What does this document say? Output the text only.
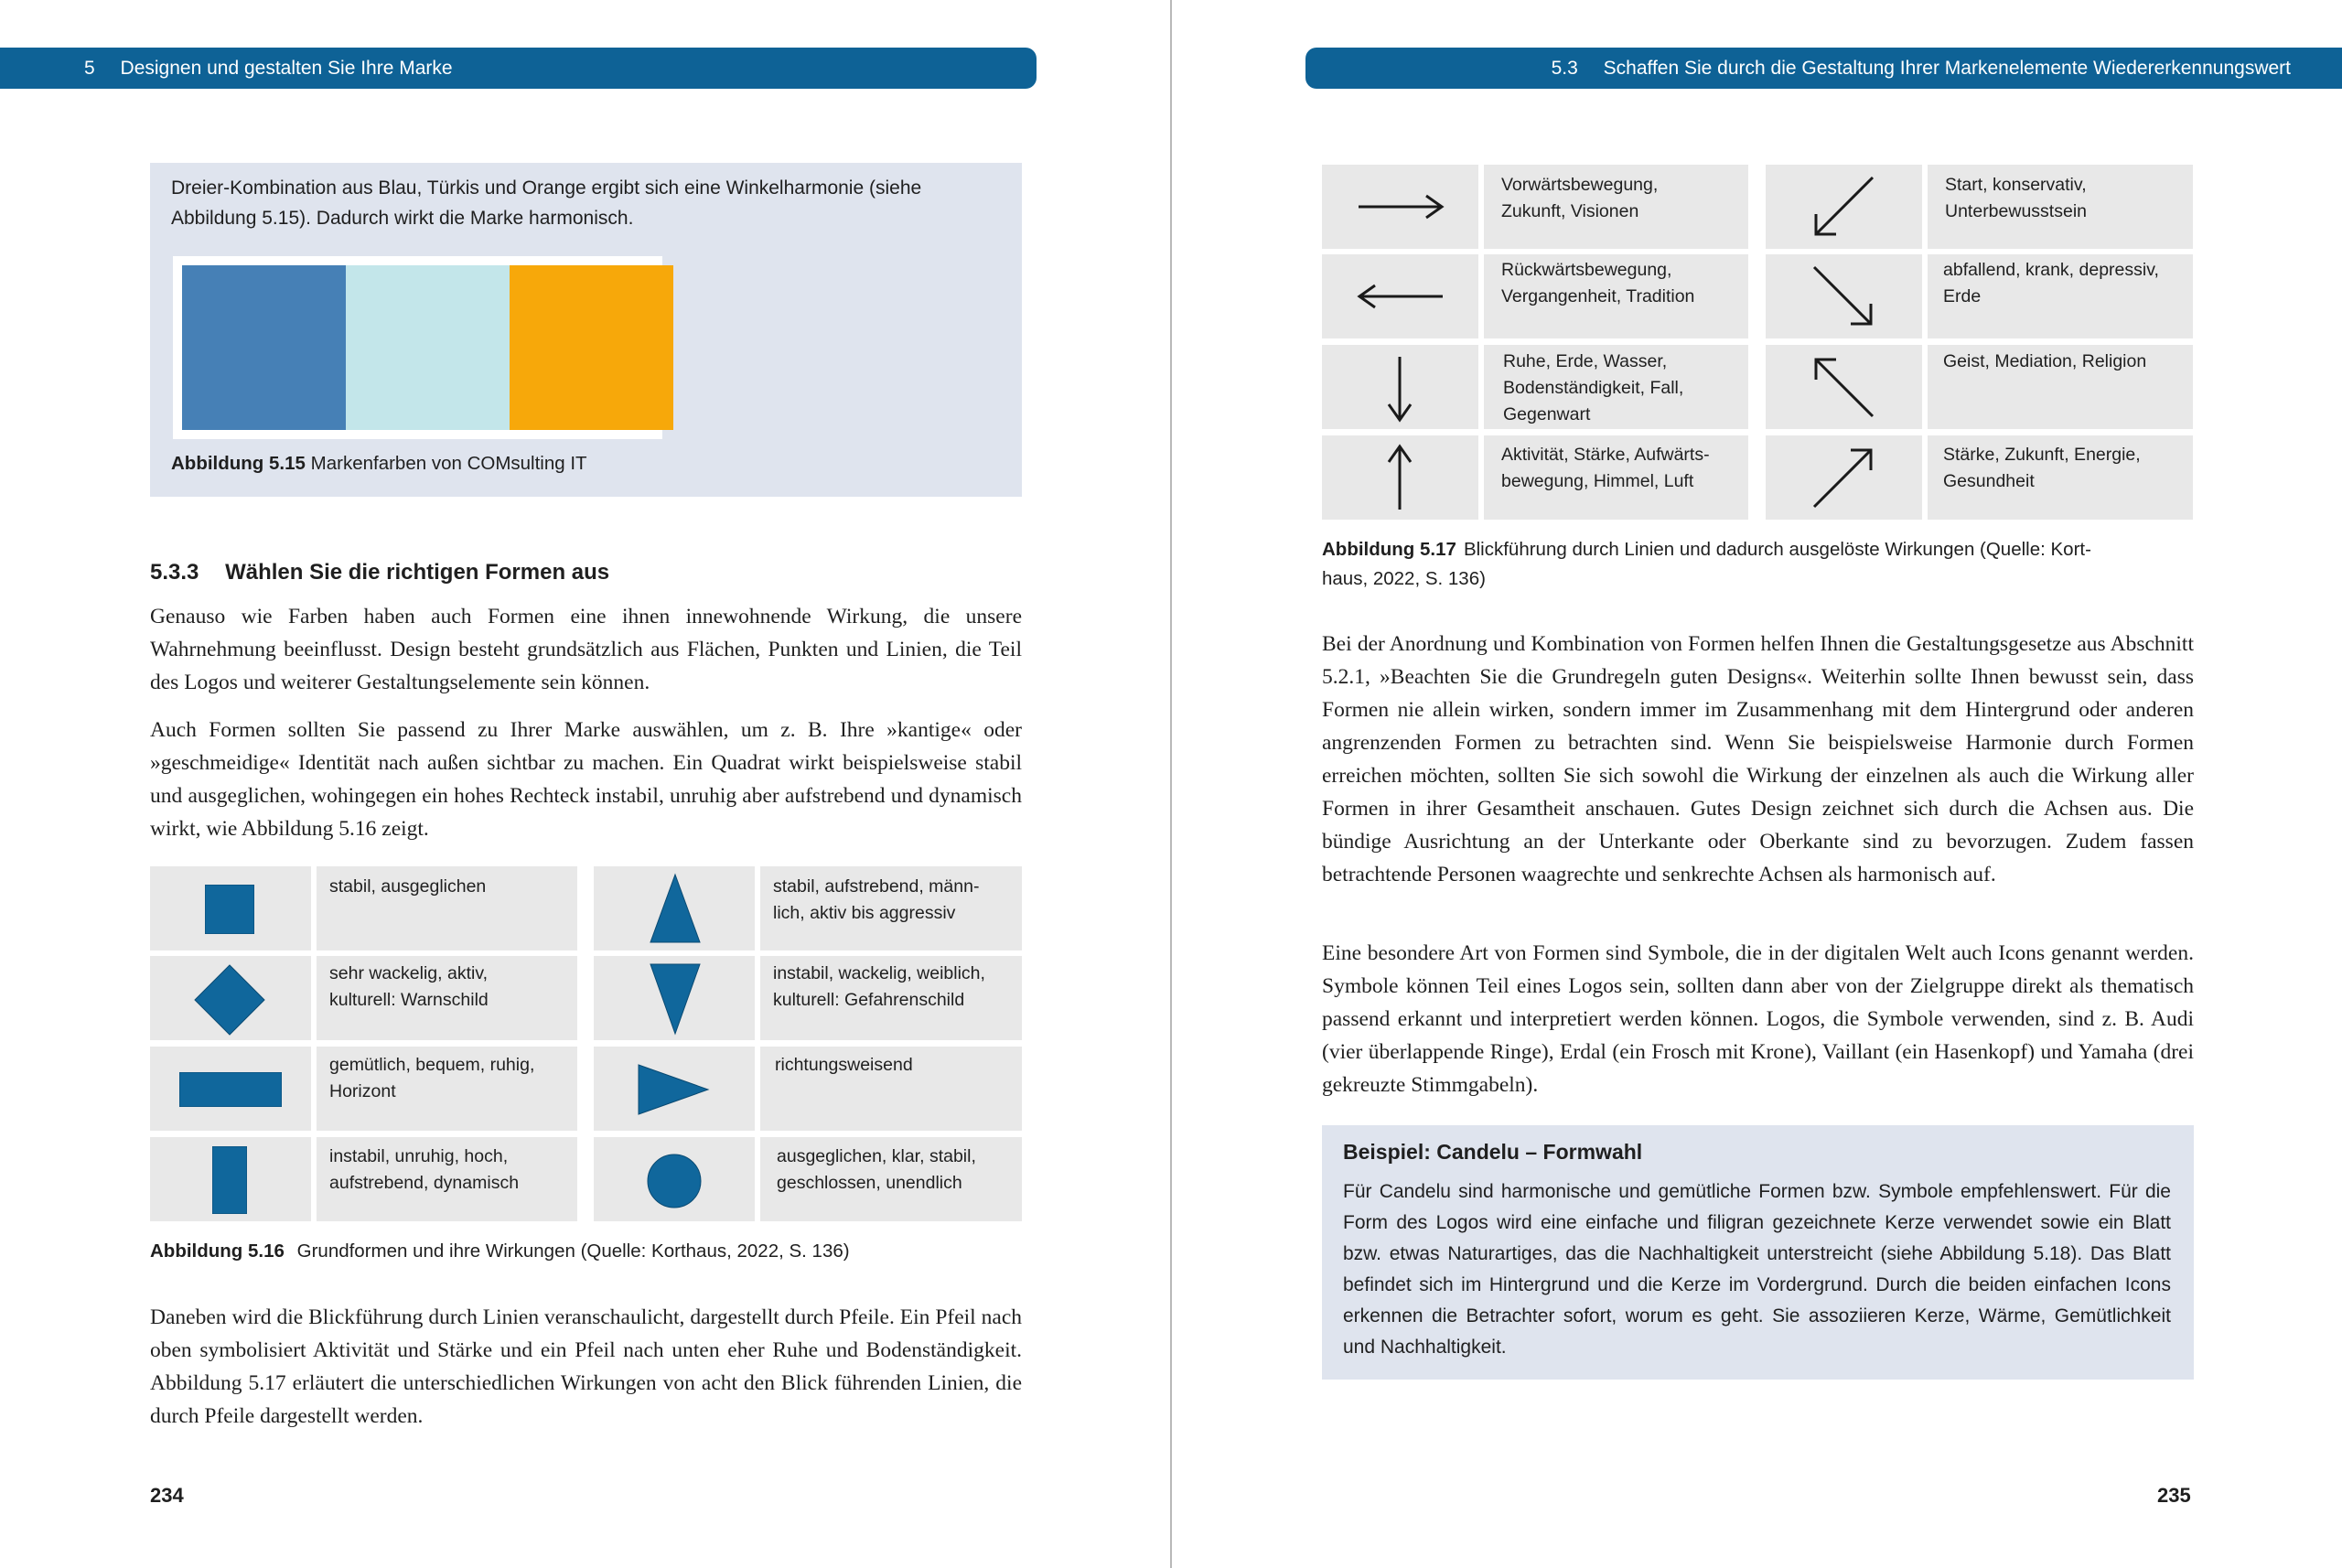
5 Designen und gestalten Sie Ihre Marke

Dreier-Kombination aus Blau, Türkis und Orange ergibt sich eine Winkelharmonie (siehe

Abbildung 5.15). Dadurch wirkt die Marke harmonisch.

Abbildung 5.15 Markenfarben von COMsulting IT

5.3.3 Wählen Sie die richtigen Formen aus

Genauso wie Farben haben auch Formen eine ihnen innewohnende Wirkung, die unsere Wahrnehmung beeinflusst. Design besteht grundsätzlich aus Flächen, Punkten und Linien, die Teil des Logos und weiterer Gestaltungselemente sein können.

Auch Formen sollten Sie passend zu Ihrer Marke auswählen, um z. B. Ihre »kantige« oder »geschmeidige« Identität nach außen sichtbar zu machen. Ein Quadrat wirkt beispielsweise stabil und ausgeglichen, wohingegen ein hohes Rechteck instabil, unruhig aber aufstrebend und dynamisch wirkt, wie Abbildung 5.16 zeigt.

stabil, ausgeglichen	stabil, aufstrebend, männ-
lich, aktiv bis aggressiv

sehr wackelig, aktiv,
kulturell: Warnschild

instabil, wackelig, weiblich,
kulturell: Gefahrenschild

gemütlich, bequem, ruhig,
Horizont

richtungsweisend

instabil, unruhig, hoch,
aufstrebend, dynamisch

ausgeglichen, klar, stabil,
geschlossen, unendlich

Abbildung 5.16 Grundformen und ihre Wirkungen (Quelle: Korthaus, 2022, S. 136)

Daneben wird die Blickführung durch Linien veranschaulicht, dargestellt durch Pfeile. Ein Pfeil nach oben symbolisiert Aktivität und Stärke und ein Pfeil nach unten eher Ruhe und Bodenständigkeit. Abbildung 5.17 erläutert die unterschiedlichen Wirkungen von acht den Blick führenden Linien, die durch Pfeile dargestellt werden.

234
5.3 Schaffen Sie durch die Gestaltung Ihrer Markenelemente Wiedererkennungswert

Vorwärtsbewegung,
Zukunft, Visionen

Start, konservativ,
Unterbewusstsein

Rückwärtsbewegung,
Vergangenheit, Tradition

abfallend, krank, depressiv,
Erde

Ruhe, Erde, Wasser,
Bodenständigkeit, Fall,
Gegenwart

Geist, Mediation, Religion

Aktivität, Stärke, Aufwärts-
bewegung, Himmel, Luft

Stärke, Zukunft, Energie,
Gesundheit

Abbildung 5.17 Blickführung durch Linien und dadurch ausgelöste Wirkungen (Quelle: Kort-
haus, 2022, S. 136)

Bei der Anordnung und Kombination von Formen helfen Ihnen die Gestaltungsgesetze aus Abschnitt 5.2.1, »Beachten Sie die Grundregeln guten Designs«. Weiterhin sollte Ihnen bewusst sein, dass Formen nie allein wirken, sondern immer im Zusammenhang mit dem Hintergrund oder anderen angrenzenden Formen zu betrachten sind. Wenn Sie beispielsweise Harmonie durch Formen erreichen möchten, sollten Sie sich sowohl die Wirkung der einzelnen als auch die Wirkung aller Formen in ihrer Gesamtheit anschauen. Gutes Design zeichnet sich durch die Achsen aus. Die bündige Ausrichtung an der Unterkante oder Oberkante sind zu bevorzugen. Zudem fassen betrachtende Personen waagrechte und senkrechte Achsen als harmonisch auf.

Eine besondere Art von Formen sind Symbole, die in der digitalen Welt auch Icons genannt werden. Symbole können Teil eines Logos sein, sollten dann aber von der Zielgruppe direkt als thematisch passend erkannt und interpretiert werden können. Logos, die Symbole verwenden, sind z. B. Audi (vier überlappende Ringe), Erdal (ein Frosch mit Krone), Vaillant (ein Hasenkopf) und Yamaha (drei gekreuzte Stimmgabeln).

Beispiel: Candelu – Formwahl

Für Candelu sind harmonische und gemütliche Formen bzw. Symbole empfehlenswert. Für die Form des Logos wird eine einfache und filigran gezeichnete Kerze verwendet sowie ein Blatt bzw. etwas Naturartiges, das die Nachhaltigkeit unterstreicht (siehe Abbildung 5.18). Das Blatt befindet sich im Hintergrund und die Kerze im Vordergrund. Durch die beiden einfachen Icons erkennen die Betrachter sofort, worum es geht. Sie assoziieren Kerze, Wärme, Gemütlichkeit und Nachhaltigkeit.

235
